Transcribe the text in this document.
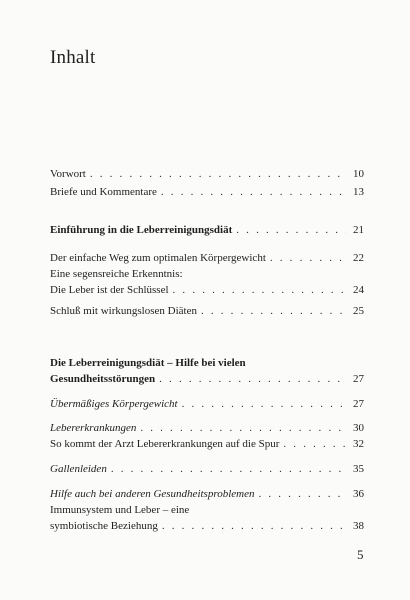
Inhalt
Vorwort . . .	10
Briefe und Kommentare . . .	13
Einführung in die Leberreinigungsdiät . . .	21
Der einfache Weg zum optimalen Körpergewicht . . .	22
Eine segensreiche Erkenntnis:
Die Leber ist der Schlüssel . . .	24
Schluß mit wirkungslosen Diäten . . .	25
Die Leberreinigungsdiät – Hilfe bei vielen
Gesundheitsstörungen . . .	27
Übermäßiges Körpergewicht . . .	27
Lebererkrankungen . . .	30
So kommt der Arzt Lebererkrankungen auf die Spur . . .	32
Gallenleiden . . .	35
Hilfe auch bei anderen Gesundheitsproblemen . . .	36
Immunsystem und Leber – eine
symbiotische Beziehung . . .	38
5
